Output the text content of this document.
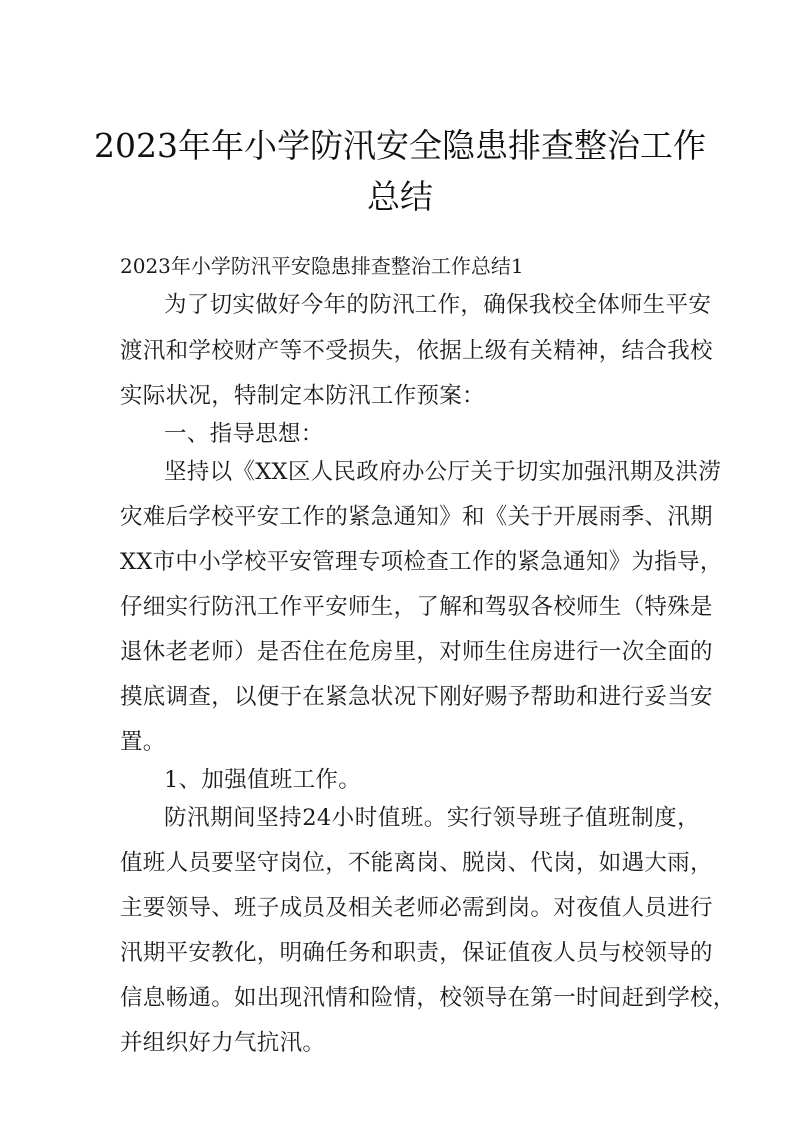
2023年年小学防汛安全隐患排查整治工作
总结

2023年小学防汛平安隐患排查整治工作总结1

为了切实做好今年的防汛工作，确保我校全体师生平安

渡汛和学校财产等不受损失，依据上级有关精神，结合我校

实际状况，特制定本防汛工作预案：

一、指导思想：

坚持以《XX区人民政府办公厅关于切实加强汛期及洪涝

灾难后学校平安工作的紧急通知》和《关于开展雨季、汛期

XX市中小学校平安管理专项检查工作的紧急通知》为指导，

仔细实行防汛工作平安师生，了解和驾驭各校师生（特殊是

退休老老师）是否住在危房里，对师生住房进行一次全面的

摸底调查，以便于在紧急状况下刚好赐予帮助和进行妥当安

置。

1、加强值班工作。

防汛期间坚持24小时值班。实行领导班子值班制度，

值班人员要坚守岗位，不能离岗、脱岗、代岗，如遇大雨，

主要领导、班子成员及相关老师必需到岗。对夜值人员进行

汛期平安教化，明确任务和职责，保证值夜人员与校领导的

信息畅通。如出现汛情和险情，校领导在第一时间赶到学校，

并组织好力气抗汛。
